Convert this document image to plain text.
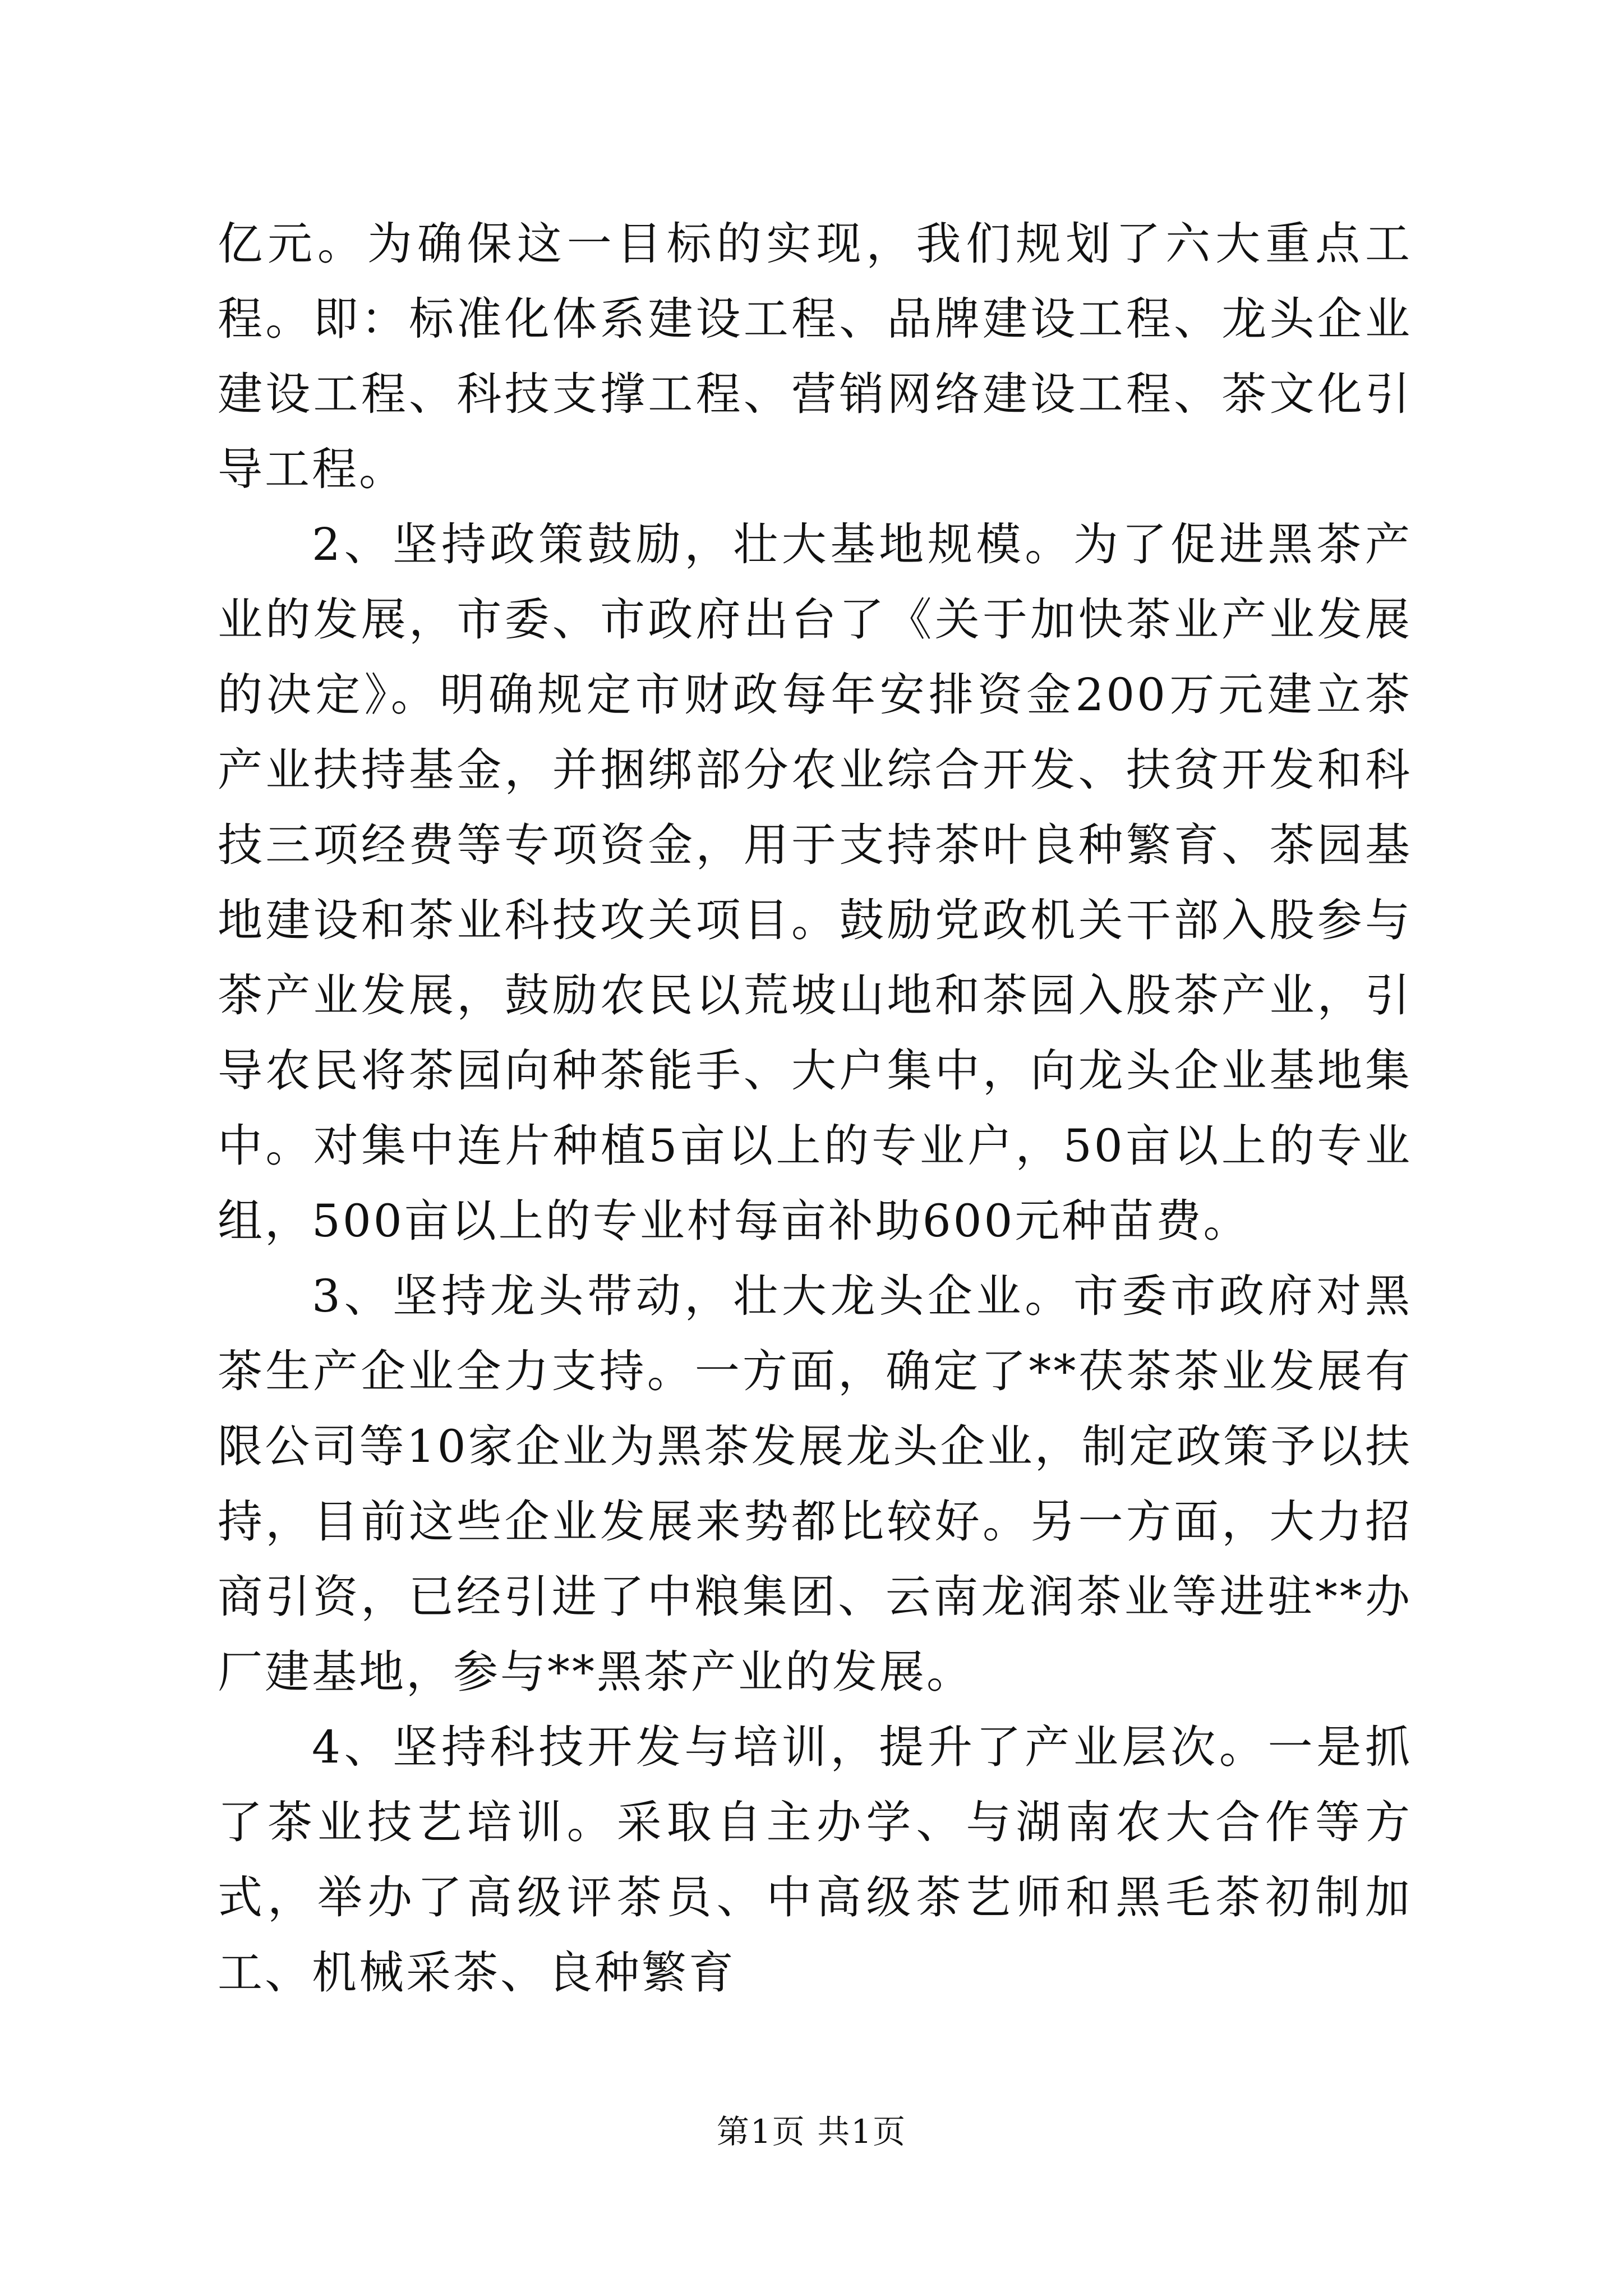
亿元。为确保这一目标的实现，我们规划了六大重点工程。即：标准化体系建设工程、品牌建设工程、龙头企业建设工程、科技支撑工程、营销网络建设工程、茶文化引导工程。

2、坚持政策鼓励，壮大基地规模。为了促进黑茶产业的发展，市委、市政府出台了《关于加快茶业产业发展的决定》。明确规定市财政每年安排资金200万元建立茶产业扶持基金，并捆绑部分农业综合开发、扶贫开发和科技三项经费等专项资金，用于支持茶叶良种繁育、茶园基地建设和茶业科技攻关项目。鼓励党政机关干部入股参与茶产业发展，鼓励农民以荒坡山地和茶园入股茶产业，引导农民将茶园向种茶能手、大户集中，向龙头企业基地集中。对集中连片种植5亩以上的专业户，50亩以上的专业组，500亩以上的专业村每亩补助600元种苗费。

3、坚持龙头带动，壮大龙头企业。市委市政府对黑茶生产企业全力支持。一方面，确定了**茯茶茶业发展有限公司等10家企业为黑茶发展龙头企业，制定政策予以扶持，目前这些企业发展来势都比较好。另一方面，大力招商引资，已经引进了中粮集团、云南龙润茶业等进驻**办厂建基地，参与**黑茶产业的发展。

4、坚持科技开发与培训，提升了产业层次。一是抓了茶业技艺培训。采取自主办学、与湖南农大合作等方式，举办了高级评茶员、中高级茶艺师和黑毛茶初制加工、机械采茶、良种繁育

第1页 共1页
